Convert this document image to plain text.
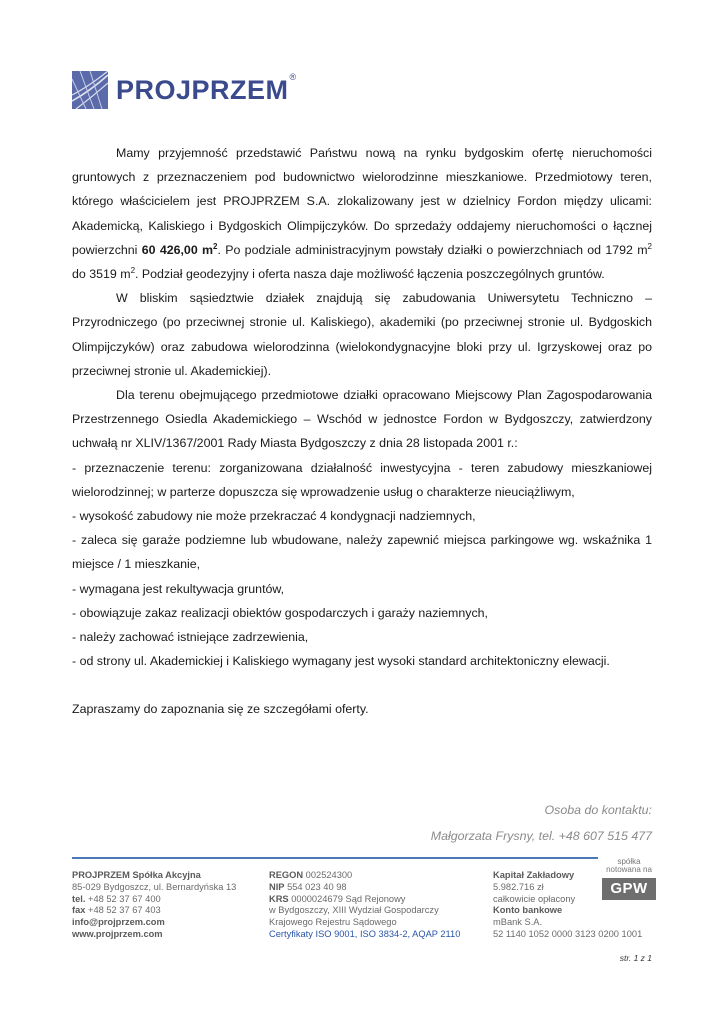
PROJPRZEM ®

Mamy przyjemność przedstawić Państwu nową na rynku bydgoskim ofertę nieruchomości gruntowych z przeznaczeniem pod budownictwo wielorodzinne mieszkaniowe. Przedmiotowy teren, którego właścicielem jest PROJPRZEM S.A. zlokalizowany jest w dzielnicy Fordon między ulicami: Akademicką, Kaliskiego i Bydgoskich Olimpijczyków. Do sprzedaży oddajemy nieruchomości o łącznej powierzchni 60 426,00 $m^2$. Po podziale administracyjnym powstały działki o powierzchniach od 1792 $m^2$ do 3519 $m^2$. Podział geodezyjny i oferta nasza daje możliwość łączenia poszczególnych gruntów.

W bliskim sąsiedztwie działek znajdują się zabudowania Uniwersytetu Techniczno – Przyrodniczego (po przeciwnej stronie ul. Kaliskiego), akademiki (po przeciwnej stronie ul. Bydgoskich Olimpijczyków) oraz zabudowa wielorodzinna (wielokondygnacyjne bloki przy ul. Igrzyskowej oraz po przeciwnej stronie ul. Akademickiej).

Dla terenu obejmującego przedmiotowe działki opracowano Miejscowy Plan Zagospodarowania Przestrzennego Osiedla Akademickiego – Wschód w jednostce Fordon w Bydgoszczy, zatwierdzony uchwałą nr XLIV/1367/2001 Rady Miasta Bydgoszczy z dnia 28 listopada 2001 r.:

- przeznaczenie terenu: zorganizowana działalność inwestycyjna - teren zabudowy mieszkaniowej wielorodzinnej; w parterze dopuszcza się wprowadzenie usług o charakterze nieuciążliwym,

- wysokość zabudowy nie może przekraczać 4 kondygnacji nadziemnych,

- zaleca się garaże podziemne lub wbudowane, należy zapewnić miejsca parkingowe wg. wskaźnika 1 miejsce / 1 mieszkanie,

- wymagana jest rekultywacja gruntów,

- obowiązuje zakaz realizacji obiektów gospodarczych i garaży naziemnych,

- należy zachować istniejące zadrzewienia,

- od strony ul. Akademickiej i Kaliskiego wymagany jest wysoki standard architektoniczny elewacji.

Zapraszamy do zapoznania się ze szczegółami oferty.

Osoba do kontaktu:
Małgorzata Frysny, tel. +48 607 515 477
spółka notowana na
GPW
PROJPRZEM Spółka Akcyjna
85-029 Bydgoszcz, ul. Bernardyńska 13
tel. +48 52 37 67 400
fax +48 52 37 67 403
info@projprzem.com
www.projprzem.com
REGON 002524300
NIP 554 023 40 98
KRS 0000024679 Sąd Rejonowy
w Bydgoszczy, XIII Wydział Gospodarczy
Krajowego Rejestru Sądowego
Certyfikaty ISO 9001, ISO 3834-2, AQAP 2110
Kapitał Zakładowy
5.982.716 zł
całkowicie opłacony
Konto bankowe
mBank S.A.
52 1140 1052 0000 3123 0200 1001
str. 1 z 1
